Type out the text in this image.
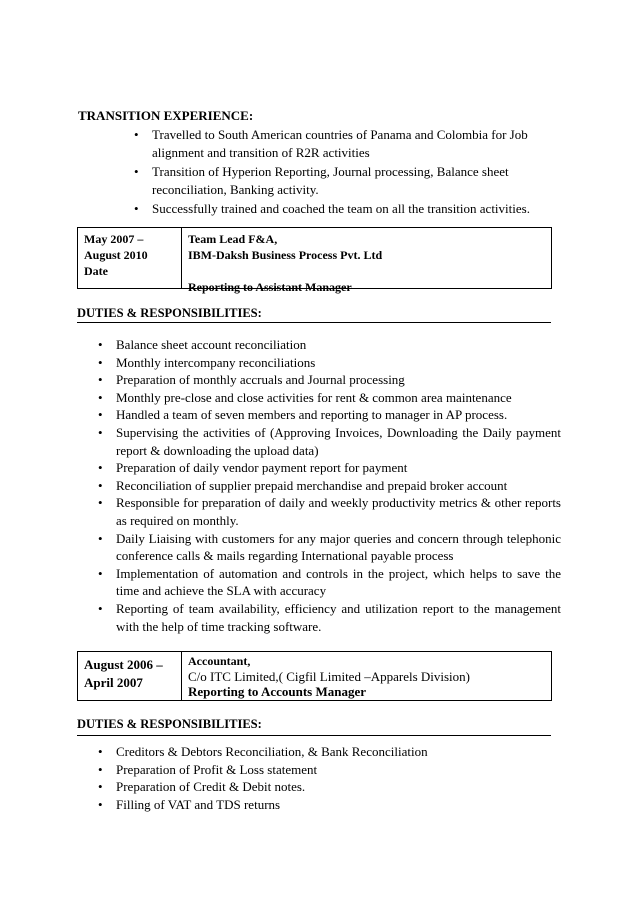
TRANSITION EXPERIENCE:
• Travelled to South American countries of Panama and Colombia for Job alignment and transition of R2R activities
• Transition of Hyperion Reporting, Journal processing, Balance sheet reconciliation, Banking activity.
• Successfully trained and coached the team on all the transition activities.
May 2007 –
August 2010
Date
Team Lead F&A,
IBM-Daksh Business Process Pvt. Ltd
Reporting to Assistant Manager
DUTIES & RESPONSIBILITIES:
• Balance sheet account reconciliation
• Monthly intercompany reconciliations
• Preparation of monthly accruals and Journal processing
• Monthly pre-close and close activities for rent & common area maintenance
• Handled a team of seven members and reporting to manager in AP process.
• Supervising the activities of (Approving Invoices, Downloading the Daily payment report & downloading the upload data)
• Preparation of daily vendor payment report for payment
• Reconciliation of supplier prepaid merchandise and prepaid broker account
• Responsible for preparation of daily and weekly productivity metrics & other reports as required on monthly.
• Daily Liaising with customers for any major queries and concern through telephonic conference calls & mails regarding International payable process
• Implementation of automation and controls in the project, which helps to save the time and achieve the SLA with accuracy
• Reporting of team availability, efficiency and utilization report to the management with the help of time tracking software.
August 2006 –
April 2007
Accountant,
C/o ITC Limited,( Cigfil Limited –Apparels Division)
Reporting to Accounts Manager
DUTIES & RESPONSIBILITIES:
• Creditors & Debtors Reconciliation, & Bank Reconciliation
• Preparation of Profit & Loss statement
• Preparation of Credit & Debit notes.
• Filling of VAT and TDS returns
